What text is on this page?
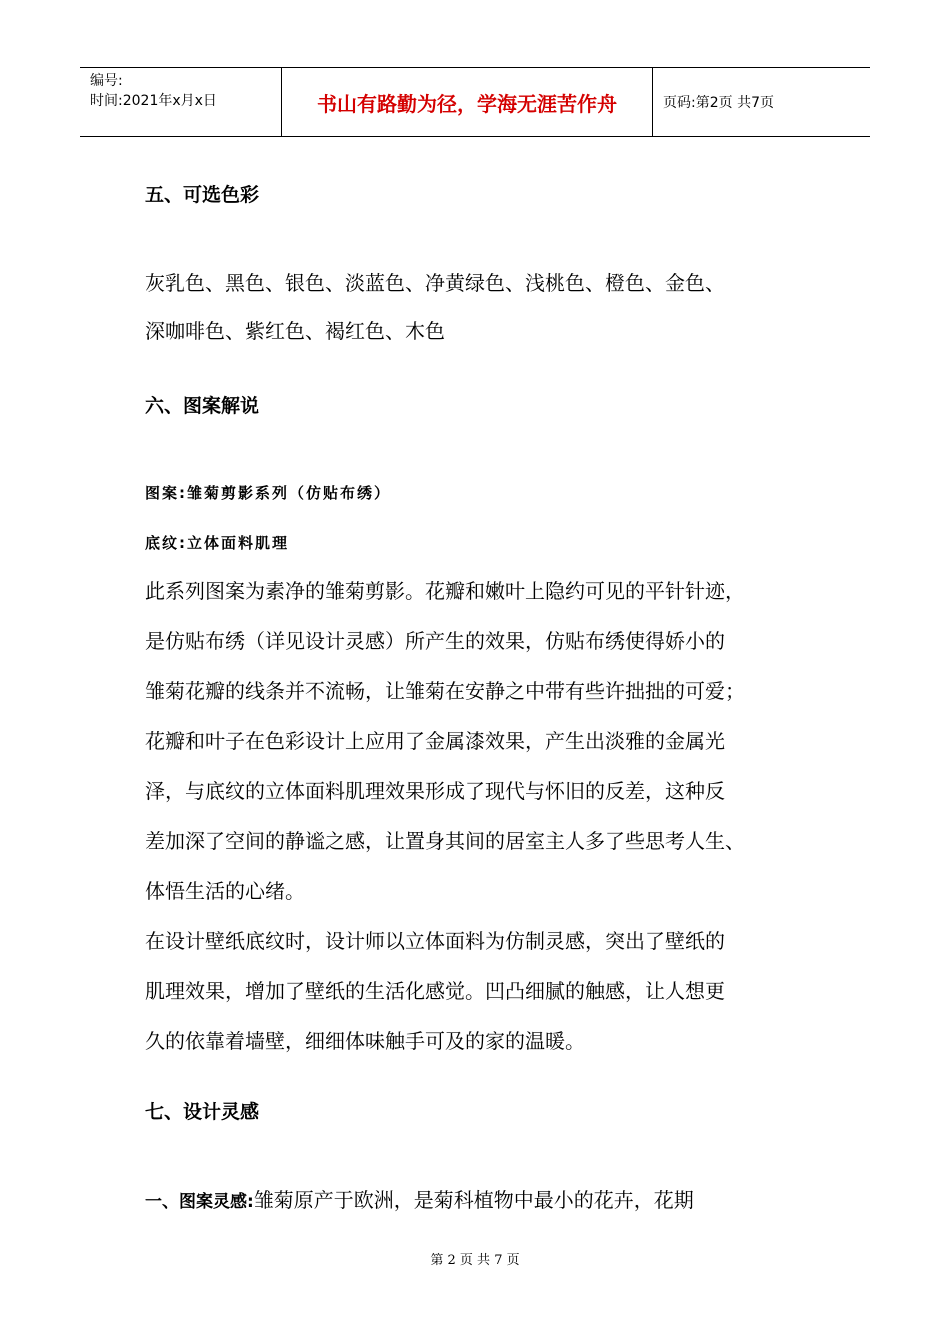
编号:
时间:2021年x月x日	书山有路勤为径，学海无涯苦作舟	页码:第2页 共7页
五、可选色彩
灰乳色、黑色、银色、淡蓝色、净黄绿色、浅桃色、橙色、金色、
深咖啡色、紫红色、褐红色、木色
六、图案解说
图案:雏菊剪影系列（仿贴布绣）
底纹:立体面料肌理
此系列图案为素净的雏菊剪影。花瓣和嫩叶上隐约可见的平针针迹，
是仿贴布绣（详见设计灵感）所产生的效果，仿贴布绣使得娇小的
雏菊花瓣的线条并不流畅，让雏菊在安静之中带有些许拙拙的可爱；
花瓣和叶子在色彩设计上应用了金属漆效果，产生出淡雅的金属光
泽，与底纹的立体面料肌理效果形成了现代与怀旧的反差，这种反
差加深了空间的静谧之感，让置身其间的居室主人多了些思考人生、
体悟生活的心绪。
在设计壁纸底纹时，设计师以立体面料为仿制灵感，突出了壁纸的
肌理效果，增加了壁纸的生活化感觉。凹凸细腻的触感，让人想更
久的依靠着墙壁，细细体味触手可及的家的温暖。
七、设计灵感
一、图案灵感:雏菊原产于欧洲，是菊科植物中最小的花卉，花期
第 2 页 共 7 页
